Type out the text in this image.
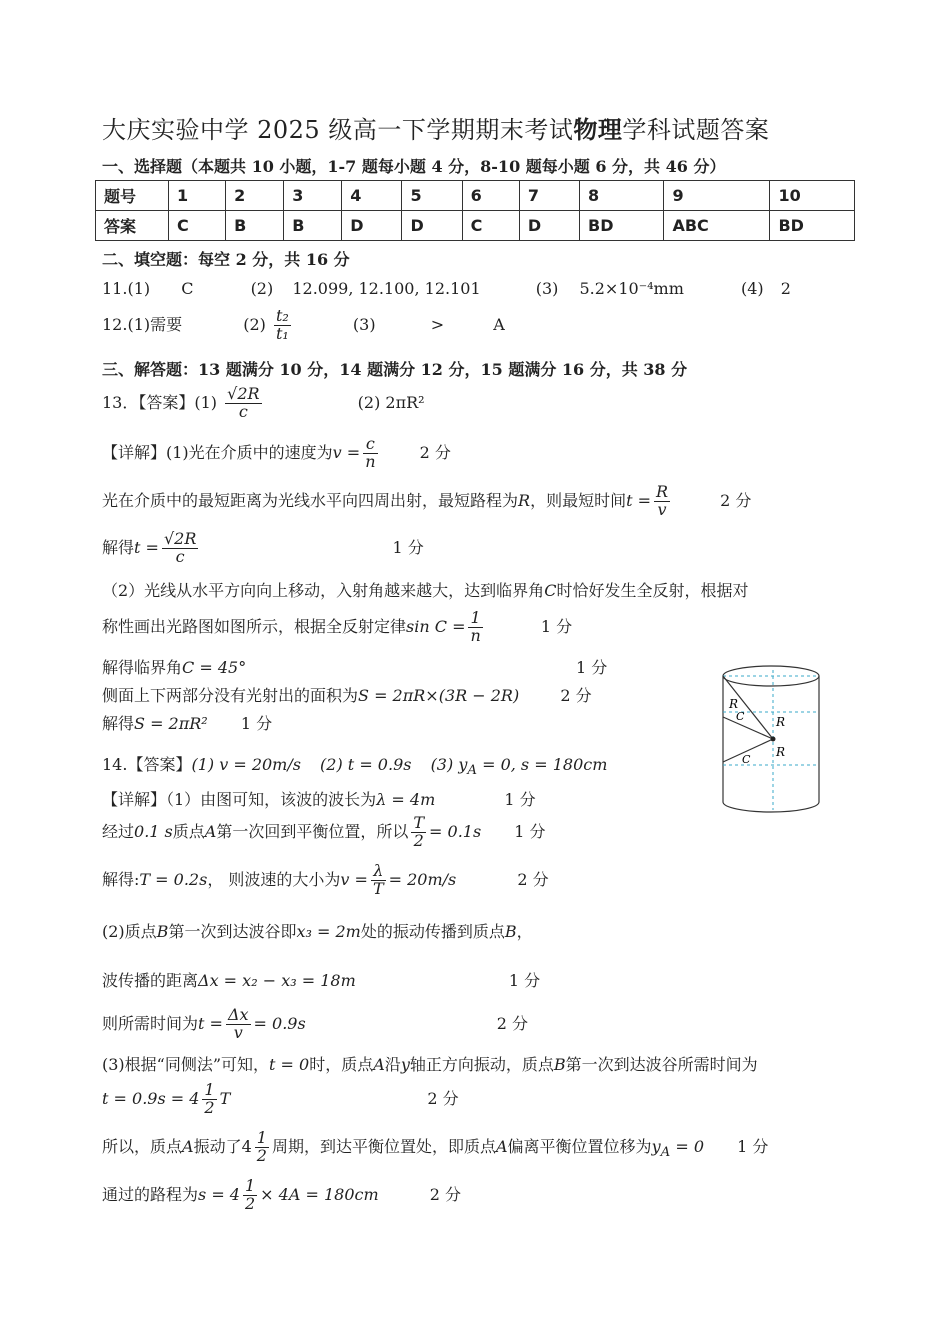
大庆实验中学 2025 级高一下学期期末考试物理学科试题答案
一、选择题（本题共 10 小题，1-7 题每小题 4 分，8-10 题每小题 6 分，共 46 分）
题号	1	2	3	4	5	6	7	8	9	10
答案	C	B	B	D	D	C	D	BD	ABC	BD
二、填空题：每空 2 分，共 16 分
11.(1) C	(2) 12.099, 12.100, 12.101	(3) 5.2×10⁻⁴mm	(4) 2
12.(1)需要	$(2) \frac{\text{t₂}}{\text{t₁}}$	(3)	>	A
三、解答题：13 题满分 10 分，14 题满分 12 分，15 题满分 16 分，共 38 分
13．【答案】$(1) \frac{√2R}{c}$	(2) 2πR²
【详解】(1)光在介质中的速度为$v = \frac{c}{n}$	2 分
光在介质中的最短距离为光线水平向四周出射，最短路程为R，则最短时间$t = \frac{R}{v}$	2 分
解得$t = \frac{√2R}{c}$	1 分
（2）光线从水平方向向上移动，入射角越来越大，达到临界角C时恰好发生全反射，根据对
称性画出光路图如图所示，根据全反射定律$\sin C = \frac{1}{n}$	1 分
解得临界角C = 45°	1 分
侧面上下两部分没有光射出的面积为S = 2πR×(3R − 2R)	2 分
解得S = 2πR² 1 分
R
C	R
R
C
14.【答案】(1) v = 20m/s (2) t = 0.9s (3) $y_A = 0$, s = 180cm
【详解】（1）由图可知，该波的波长为λ = 4m	1 分
经过0.1 s质点A第一次回到平衡位置，所以 $\frac{T}{2} = 0.1s$ 1 分
解得:T = 0.2s， 则波速的大小为$v = \frac{\lambda}{T} = 20m/s$	2 分
(2)质点B第一次到达波谷即x₃ = 2m处的振动传播到质点B，
波传播的距离Δx = x₂ − x₃ = 18m	1 分
则所需时间为$t = \frac{\Delta x}{v} = 0.9s$	2 分
(3)根据“同侧法”可知，t = 0时，质点A沿y轴正方向振动，质点B第一次到达波谷所需时间为
$t = 0.9s = 4 \frac{1}{2}$ T	2 分
所以，质点A振动了$4 \frac{1}{2}$ 周期，到达平衡位置处，即质点A偏离平衡位置位移为$y_A = 0$ 1 分
通过的路程为$s = 4 \frac{1}{2} \times 4A = 180cm$	2 分
